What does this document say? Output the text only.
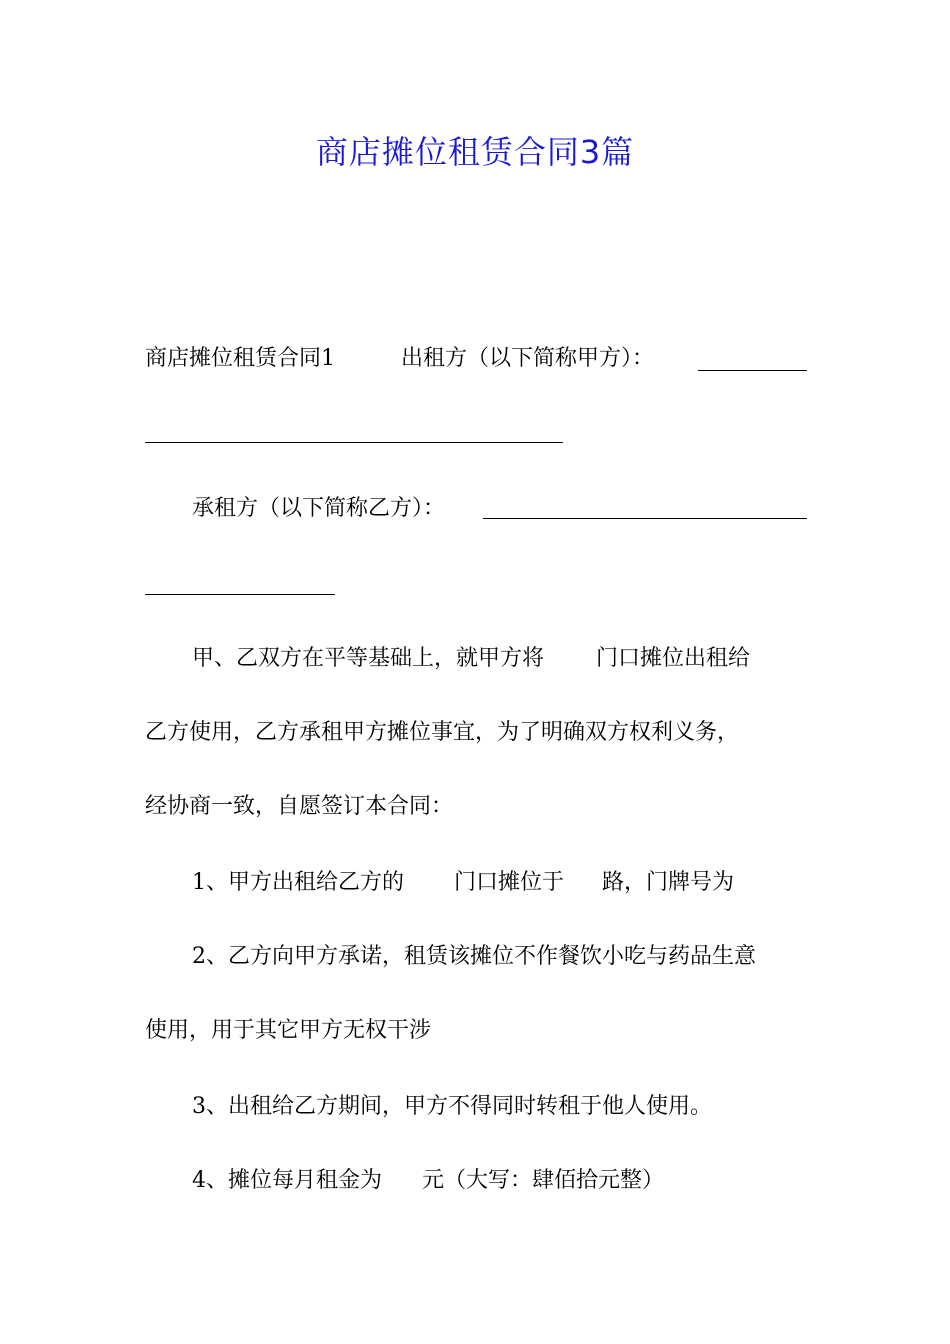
商店摊位租赁合同3篇
商店摊位租赁合同1	出租方（以下简称甲方）：
承租方（以下简称乙方）：
甲、乙双方在平等基础上，就甲方将 门口摊位出租给
乙方使用，乙方承租甲方摊位事宜，为了明确双方权利义务，
经协商一致，自愿签订本合同：
1、甲方出租给乙方的 门口摊位于 路，门牌号为
2、乙方向甲方承诺，租赁该摊位不作餐饮小吃与药品生意
使用，用于其它甲方无权干涉
3、出租给乙方期间，甲方不得同时转租于他人使用。
4、摊位每月租金为 元（大写：肆佰拾元整）
